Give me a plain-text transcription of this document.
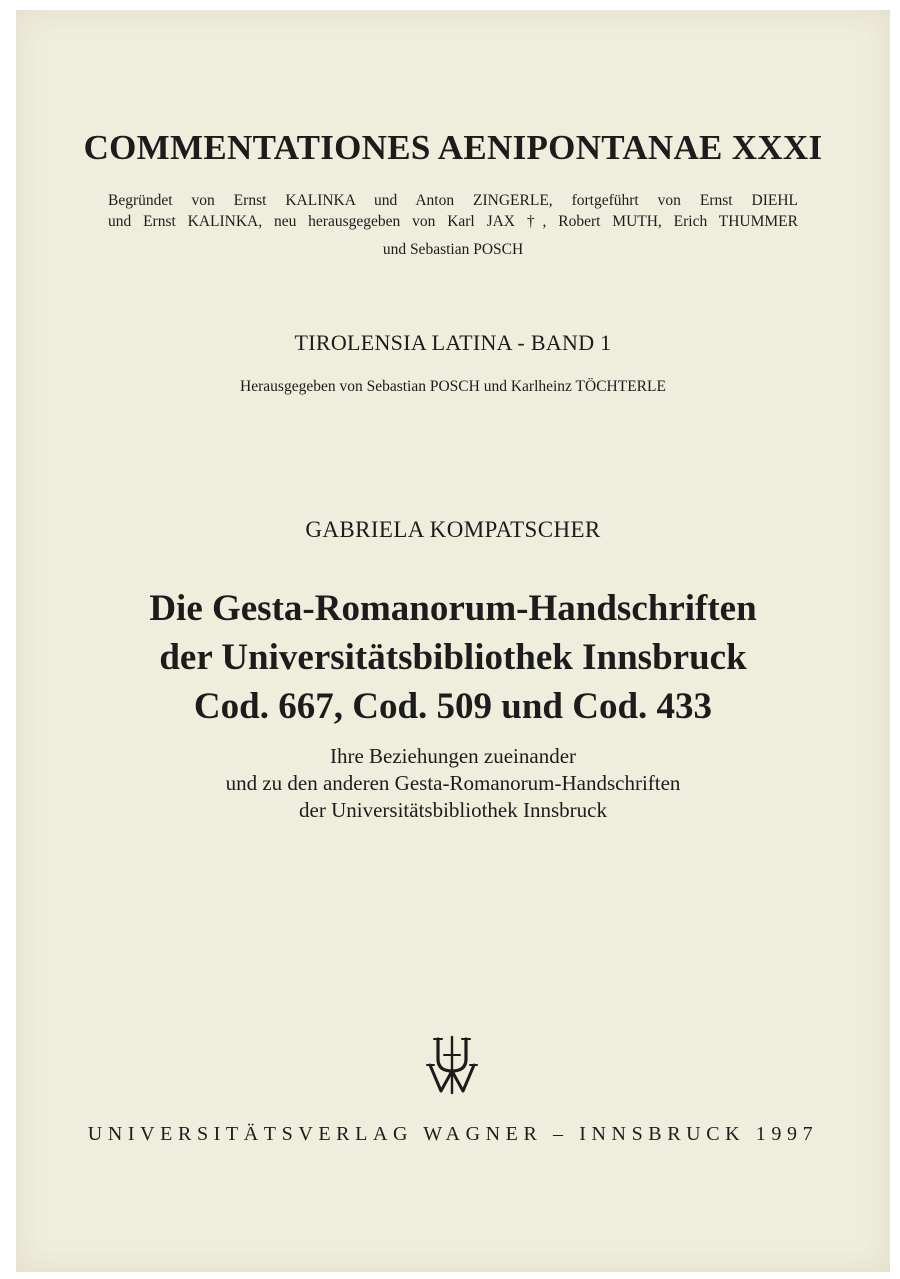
COMMENTATIONES AENIPONTANAE XXXI
Begründet von Ernst KALINKA und Anton ZINGERLE, fortgeführt von Ernst DIEHL
und Ernst KALINKA, neu herausgegeben von Karl JAX †, Robert MUTH, Erich THUMMER
und Sebastian POSCH
TIROLENSIA LATINA - BAND 1
Herausgegeben von Sebastian POSCH und Karlheinz TÖCHTERLE
GABRIELA KOMPATSCHER
Die Gesta-Romanorum-Handschriften
der Universitätsbibliothek Innsbruck
Cod. 667, Cod. 509 und Cod. 433
Ihre Beziehungen zueinander
und zu den anderen Gesta-Romanorum-Handschriften
der Universitätsbibliothek Innsbruck
UNIVERSITÄTSVERLAG WAGNER – INNSBRUCK 1997
